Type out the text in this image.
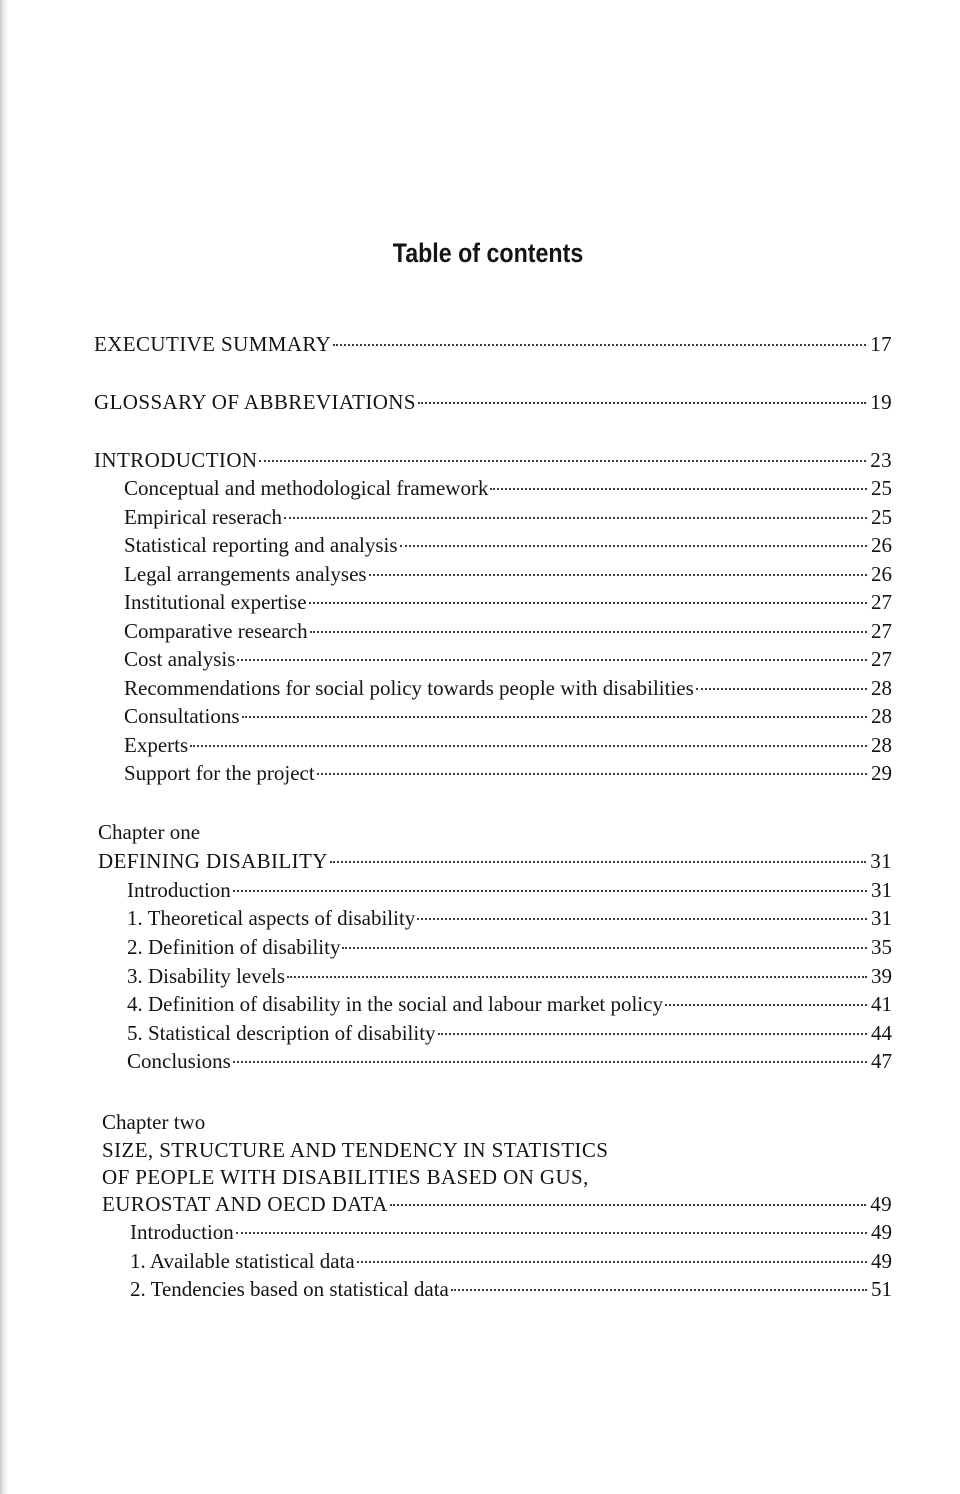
Table of contents
EXECUTIVE SUMMARY	17
GLOSSARY OF ABBREVIATIONS	19
INTRODUCTION	23
Conceptual and methodological framework	25
Empirical reserach	25
Statistical reporting and analysis	26
Legal arrangements analyses	26
Institutional expertise	27
Comparative research	27
Cost analysis	27
Recommendations for social policy towards people with disabilities	28
Consultations	28
Experts	28
Support for the project	29
Chapter one
DEFINING DISABILITY	31
Introduction	31
1. Theoretical aspects of disability	31
2. Definition of disability	35
3. Disability levels	39
4. Definition of disability in the social and labour market policy	41
5. Statistical description of disability	44
Conclusions	47
Chapter two
SIZE, STRUCTURE AND TENDENCY IN STATISTICS
OF PEOPLE WITH DISABILITIES BASED ON GUS,
EUROSTAT AND OECD DATA	49
Introduction	49
1. Available statistical data	49
2. Tendencies based on statistical data	51
